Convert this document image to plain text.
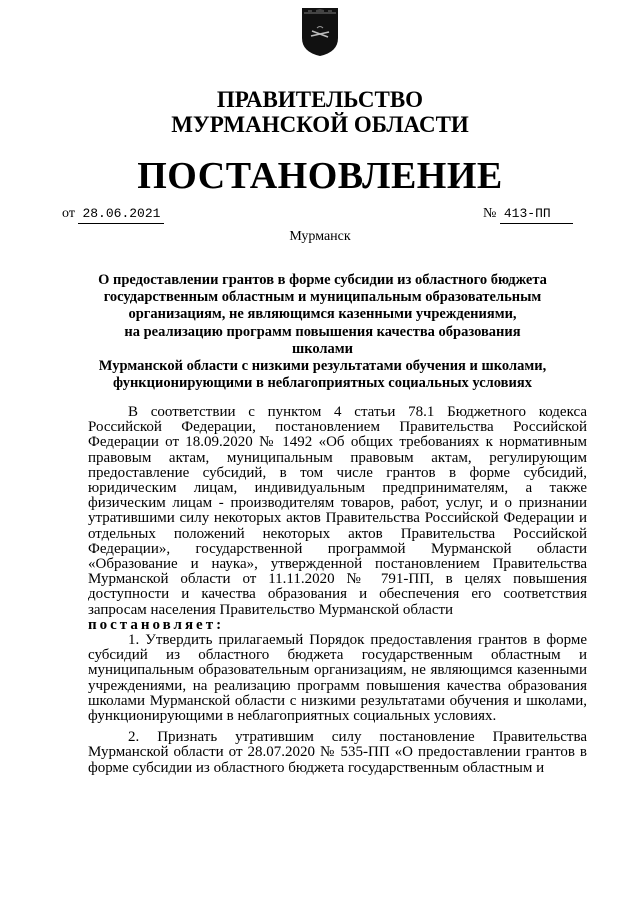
ПРАВИТЕЛЬСТВО
МУРМАНСКОЙ ОБЛАСТИ
ПОСТАНОВЛЕНИЕ
от 28.06.2021	№ 413-ПП
Мурманск
О предоставлении грантов в форме субсидии из областного бюджета
государственным областным и муниципальным образовательным
организациям, не являющимся казенными учреждениями,
на реализацию программ повышения качества образования школами
Мурманской области с низкими результатами обучения и школами,
функционирующими в неблагоприятных социальных условиях

В соответствии с пунктом 4 статьи 78.1 Бюджетного кодекса Российской Федерации, постановлением Правительства Российской Федерации от 18.09.2020 № 1492 «Об общих требованиях к нормативным правовым актам, муниципальным правовым актам, регулирующим предоставление субсидий, в том числе грантов в форме субсидий, юридическим лицам, индивидуальным предпринимателям, а также физическим лицам - производителям товаров, работ, услуг, и о признании утратившими силу некоторых актов Правительства Российской Федерации и отдельных положений некоторых актов Правительства Российской Федерации», государственной программой Мурманской области «Образование и наука», утвержденной постановлением Правительства Мурманской области от 11.11.2020 № 791-ПП, в целях повышения доступности и качества образования и обеспечения его соответствия запросам населения Правительство Мурманской области

постановляет:

1. Утвердить прилагаемый Порядок предоставления грантов в форме субсидий из областного бюджета государственным областным и муниципальным образовательным организациям, не являющимся казенными учреждениями, на реализацию программ повышения качества образования школами Мурманской области с низкими результатами обучения и школами, функционирующими в неблагоприятных социальных условиях.

2. Признать утратившим силу постановление Правительства Мурманской области от 28.07.2020 № 535-ПП «О предоставлении грантов в форме субсидии из областного бюджета государственным областным и
